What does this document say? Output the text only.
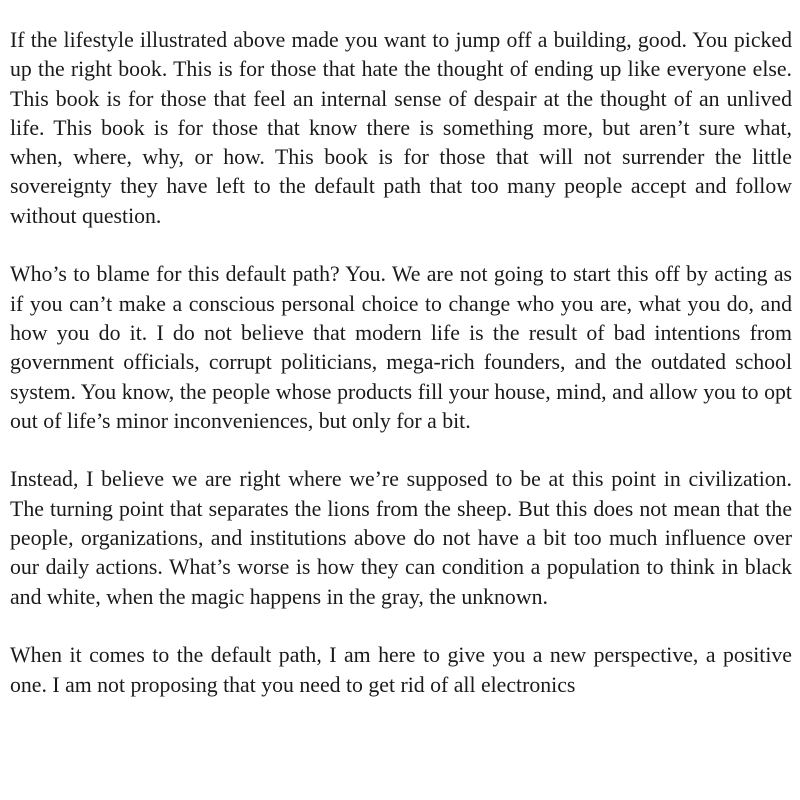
If the lifestyle illustrated above made you want to jump off a building, good. You picked up the right book. This is for those that hate the thought of ending up like everyone else. This book is for those that feel an internal sense of despair at the thought of an unlived life. This book is for those that know there is something more, but aren’t sure what, when, where, why, or how. This book is for those that will not surrender the little sovereignty they have left to the default path that too many people accept and follow without question.

Who’s to blame for this default path? You. We are not going to start this off by acting as if you can’t make a conscious personal choice to change who you are, what you do, and how you do it. I do not believe that modern life is the result of bad intentions from government officials, corrupt politicians, mega-rich founders, and the outdated school system. You know, the people whose products fill your house, mind, and allow you to opt out of life’s minor inconveniences, but only for a bit.

Instead, I believe we are right where we’re supposed to be at this point in civilization. The turning point that separates the lions from the sheep. But this does not mean that the people, organizations, and institutions above do not have a bit too much influence over our daily actions. What’s worse is how they can condition a population to think in black and white, when the magic happens in the gray, the unknown.

When it comes to the default path, I am here to give you a new perspective, a positive one. I am not proposing that you need to get rid of all electronics
